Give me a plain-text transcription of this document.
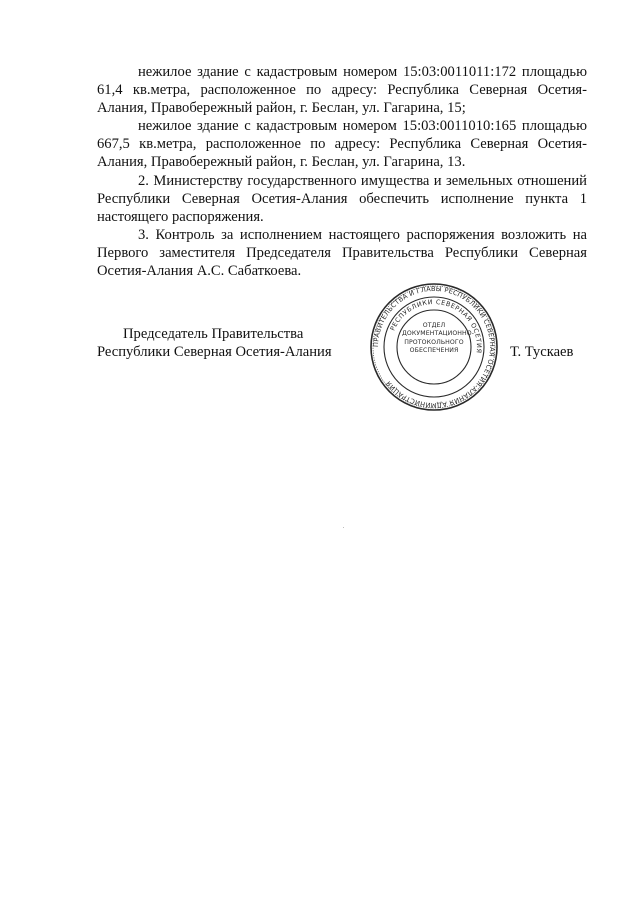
нежилое здание с кадастровым номером 15:03:0011011:172 площадью 61,4 кв.метра, расположенное по адресу: Республика Северная Осетия-Алания, Правобережный район, г. Беслан, ул. Гагарина, 15;

нежилое здание с кадастровым номером 15:03:0011010:165 площадью 667,5 кв.метра, расположенное по адресу: Республика Северная Осетия-Алания, Правобережный район, г. Беслан, ул. Гагарина, 13.

2. Министерству государственного имущества и земельных отношений Республики Северная Осетия-Алания обеспечить исполнение пункта 1 настоящего распоряжения.

3. Контроль за исполнением настоящего распоряжения возложить на Первого заместителя Председателя Правительства Республики Северная Осетия-Алания А.С. Сабаткоева.

Председатель Правительства
Республики Северная Осетия-Алания	ПРАВИТЕЛЬСТВА И ГЛАВЫ РЕСПУБЛИКИ СЕВЕРНАЯ ОСЕТИЯ-АЛАНИЯ АДМИНИСТРАЦИЯ
РЕСПУБЛИКИ СЕВЕРНАЯ ОСЕТИЯ
ОТДЕЛ
ДОКУМЕНТАЦИОННО-
ПРОТОКОЛЬНОГО
ОБЕСПЕЧЕНИЯ	Т. Тускаев
